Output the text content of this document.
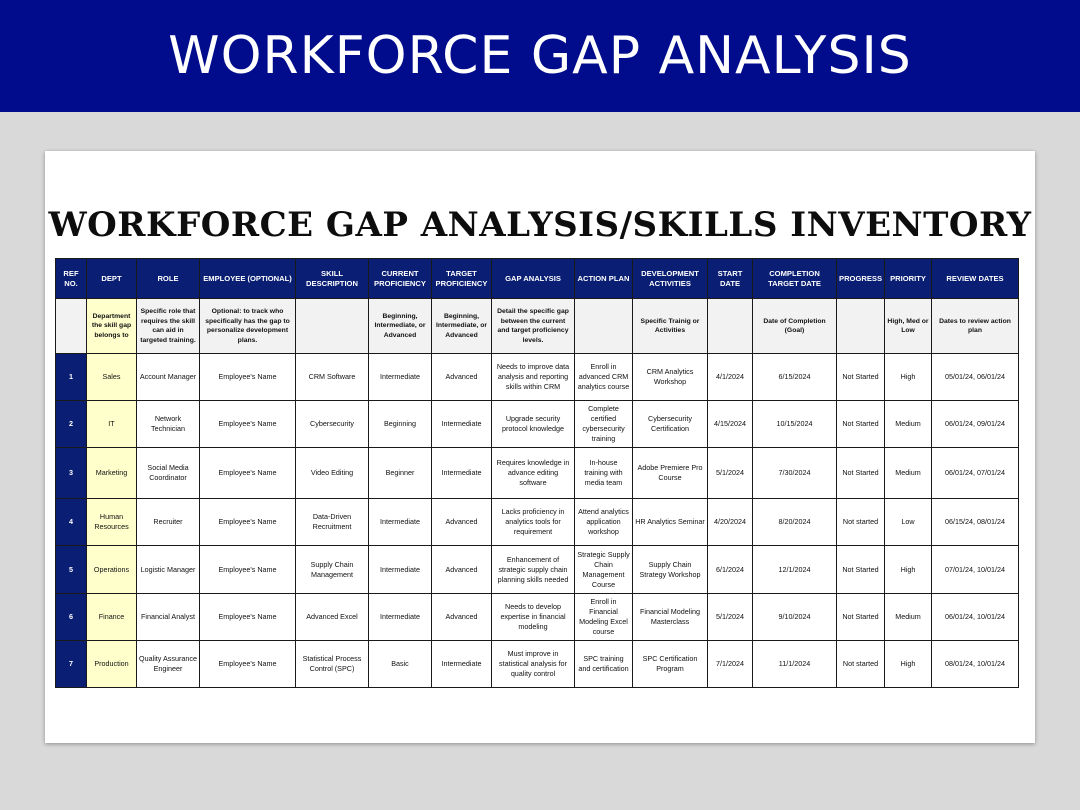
WORKFORCE GAP ANALYSIS
WORKFORCE GAP ANALYSIS/SKILLS INVENTORY
REF NO.	DEPT	ROLE	EMPLOYEE (OPTIONAL)	SKILL DESCRIPTION	CURRENT PROFICIENCY	TARGET PROFICIENCY	GAP ANALYSIS	ACTION PLAN	DEVELOPMENT ACTIVITIES	START DATE	COMPLETION TARGET DATE	PROGRESS	PRIORITY	REVIEW DATES
	Department the skill gap belongs to	Specific role that requires the skill can aid in targeted training.	Optional: to track who specifically has the gap to personalize development plans.		Beginning, Intermediate, or Advanced	Beginning, Intermediate, or Advanced	Detail the specific gap between the current and target proficiency levels.		Specific Trainig or Activities		Date of Completion (Goal)		High, Med or Low	Dates to review action plan
1	Sales	Account Manager	Employee's Name	CRM Software	Intermediate	Advanced	Needs to improve data analysis and reporting skills within CRM	Enroll in advanced CRM analytics course	CRM Analytics Workshop	4/1/2024	6/15/2024	Not Started	High	05/01/24, 06/01/24
2	IT	Network Technician	Employee's Name	Cybersecurity	Beginning	Intermediate	Upgrade security protocol knowledge	Complete certified cybersecurity training	Cybersecurity Certification	4/15/2024	10/15/2024	Not Started	Medium	06/01/24, 09/01/24
3	Marketing	Social Media Coordinator	Employee's Name	Video Editing	Beginner	Intermediate	Requires knowledge in advance editing software	In-house training with media team	Adobe Premiere Pro Course	5/1/2024	7/30/2024	Not Started	Medium	06/01/24, 07/01/24
4	Human Resources	Recruiter	Employee's Name	Data-Driven Recruitment	Intermediate	Advanced	Lacks proficiency in analytics tools for requirement	Attend analytics application workshop	HR Analytics Seminar	4/20/2024	8/20/2024	Not started	Low	06/15/24, 08/01/24
5	Operations	Logistic Manager	Employee's Name	Supply Chain Management	Intermediate	Advanced	Enhancement of strategic supply chain planning skills needed	Strategic Supply Chain Management Course	Supply Chain Strategy Workshop	6/1/2024	12/1/2024	Not Started	High	07/01/24, 10/01/24
6	Finance	Financial Analyst	Employee's Name	Advanced Excel	Intermediate	Advanced	Needs to develop expertise in financial modeling	Enroll in Financial Modeling Excel course	Financial Modeling Masterclass	5/1/2024	9/10/2024	Not Started	Medium	06/01/24, 10/01/24
7	Production	Quality Assurance Engineer	Employee's Name	Statistical Process Control (SPC)	Basic	Intermediate	Must improve in statistical analysis for quality control	SPC training and certification	SPC Certification Program	7/1/2024	11/1/2024	Not started	High	08/01/24, 10/01/24
